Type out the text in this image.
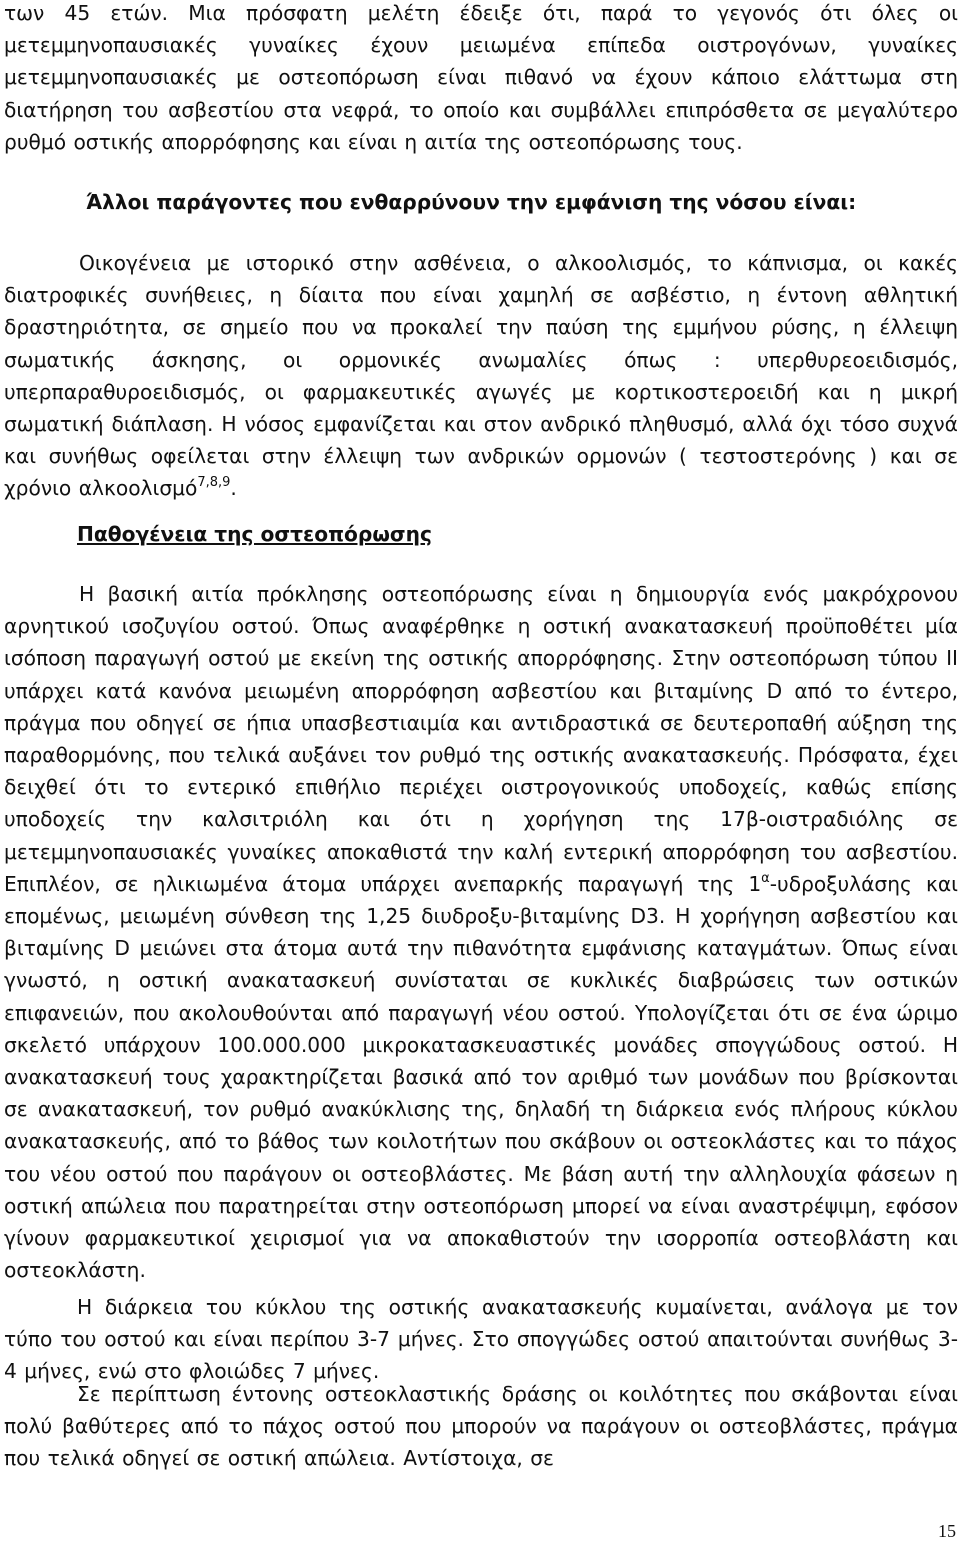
των 45 ετών. Μια πρόσφατη μελέτη έδειξε ότι, παρά το γεγονός ότι όλες οι μετεμμηνοπαυσιακές γυναίκες έχουν μειωμένα επίπεδα οιστρογόνων, γυναίκες μετεμμηνοπαυσιακές με οστεοπόρωση είναι πιθανό να έχουν κάποιο ελάττωμα στη διατήρηση του ασβεστίου στα νεφρά, το οποίο και συμβάλλει επιπρόσθετα σε μεγαλύτερο ρυθμό οστικής απορρόφησης και είναι η αιτία της οστεοπόρωσης τους.

Άλλοι παράγοντες που ενθαρρύνουν την εμφάνιση της νόσου είναι:

Οικογένεια με ιστορικό στην ασθένεια, ο αλκοολισμός, το κάπνισμα, οι κακές διατροφικές συνήθειες, η δίαιτα που είναι χαμηλή σε ασβέστιο, η έντονη αθλητική δραστηριότητα, σε σημείο που να προκαλεί την παύση της εμμήνου ρύσης, η έλλειψη σωματικής άσκησης, οι ορμονικές ανωμαλίες όπως : υπερθυρεοειδισμός, υπερπαραθυροειδισμός, οι φαρμακευτικές αγωγές με κορτικοστεροειδή και η μικρή σωματική διάπλαση. Η νόσος εμφανίζεται και στον ανδρικό πληθυσμό, αλλά όχι τόσο συχνά και συνήθως οφείλεται στην έλλειψη των ανδρικών ορμονών ( τεστοστερόνης ) και σε χρόνιο αλκοολισμό$^{7,8,9}$.

Παθογένεια της οστεοπόρωσης

Η βασική αιτία πρόκλησης οστεοπόρωσης είναι η δημιουργία ενός μακρόχρονου αρνητικού ισοζυγίου οστού. Όπως αναφέρθηκε η οστική ανακατασκευή προϋποθέτει μία ισόποση παραγωγή οστού με εκείνη της οστικής απορρόφησης. Στην οστεοπόρωση τύπου ΙΙ υπάρχει κατά κανόνα μειωμένη απορρόφηση ασβεστίου και βιταμίνης D από το έντερο, πράγμα που οδηγεί σε ήπια υπασβεστιαιμία και αντιδραστικά σε δευτεροπαθή αύξηση της παραθορμόνης, που τελικά αυξάνει τον ρυθμό της οστικής ανακατασκευής. Πρόσφατα, έχει δειχθεί ότι το εντερικό επιθήλιο περιέχει οιστρογονικούς υποδοχείς, καθώς επίσης υποδοχείς την καλσιτριόλη και ότι η χορήγηση της 17β-οιστραδιόλης σε μετεμμηνοπαυσιακές γυναίκες αποκαθιστά την καλή εντερική απορρόφηση του ασβεστίου. Επιπλέον, σε ηλικιωμένα άτομα υπάρχει ανεπαρκής παραγωγή της $1^\alpha$-υδροξυλάσης και επομένως, μειωμένη σύνθεση της 1,25 διυδροξυ-βιταμίνης D3. Η χορήγηση ασβεστίου και βιταμίνης D μειώνει στα άτομα αυτά την πιθανότητα εμφάνισης καταγμάτων. Όπως είναι γνωστό, η οστική ανακατασκευή συνίσταται σε κυκλικές διαβρώσεις των οστικών επιφανειών, που ακολουθούνται από παραγωγή νέου οστού. Υπολογίζεται ότι σε ένα ώριμο σκελετό υπάρχουν 100.000.000 μικροκατασκευαστικές μονάδες σπογγώδους οστού. Η ανακατασκευή τους χαρακτηρίζεται βασικά από τον αριθμό των μονάδων που βρίσκονται σε ανακατασκευή, τον ρυθμό ανακύκλισης της, δηλαδή τη διάρκεια ενός πλήρους κύκλου ανακατασκευής, από το βάθος των κοιλοτήτων που σκάβουν οι οστεοκλάστες και το πάχος του νέου οστού που παράγουν οι οστεοβλάστες. Με βάση αυτή την αλληλουχία φάσεων η οστική απώλεια που παρατηρείται στην οστεοπόρωση μπορεί να είναι αναστρέψιμη, εφόσον γίνουν φαρμακευτικοί χειρισμοί για να αποκαθιστούν την ισορροπία οστεοβλάστη και οστεοκλάστη.

Η διάρκεια του κύκλου της οστικής ανακατασκευής κυμαίνεται, ανάλογα με τον τύπο του οστού και είναι περίπου 3-7 μήνες. Στο σπογγώδες οστού απαιτούνται συνήθως 3-4 μήνες, ενώ στο φλοιώδες 7 μήνες.

Σε περίπτωση έντονης οστεοκλαστικής δράσης οι κοιλότητες που σκάβονται είναι πολύ βαθύτερες από το πάχος οστού που μπορούν να παράγουν οι οστεοβλάστες, πράγμα που τελικά οδηγεί σε οστική απώλεια. Αντίστοιχα, σε

15
